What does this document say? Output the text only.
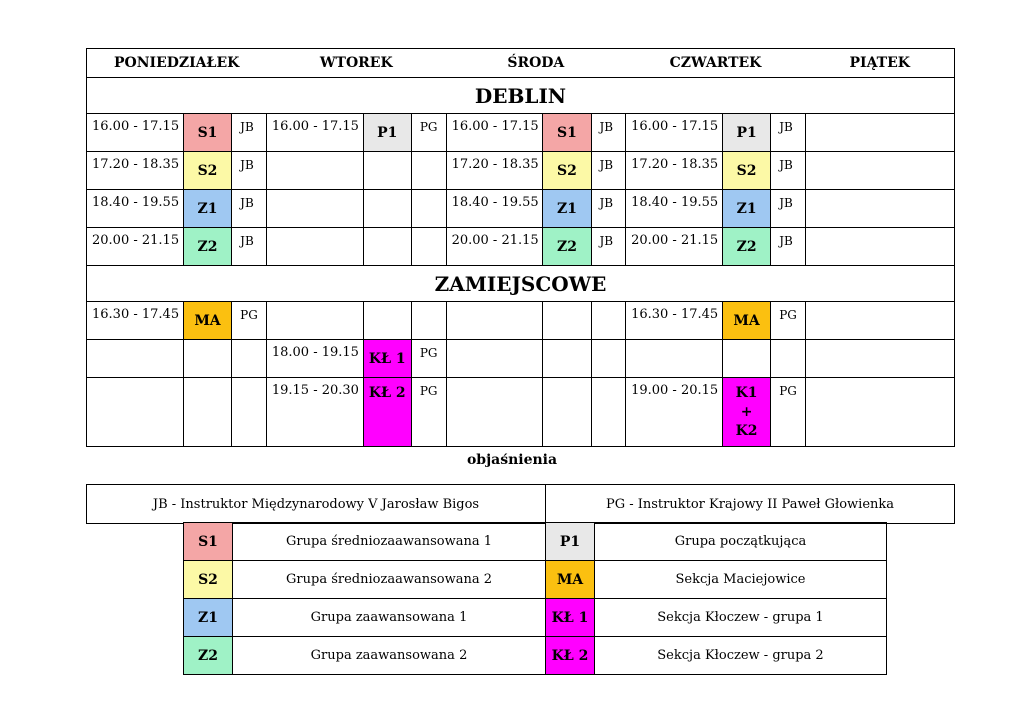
PONIEDZIAŁEK			WTOREK			ŚRODA			CZWARTEK			PIĄTEK
DEBLIN												
16.00 - 17.15	S1	JB	16.00 - 17.15	P1	PG	16.00 - 17.15	S1	JB	16.00 - 17.15	P1	JB	
17.20 - 18.35	S2	JB				17.20 - 18.35	S2	JB	17.20 - 18.35	S2	JB	
18.40 - 19.55	Z1	JB				18.40 - 19.55	Z1	JB	18.40 - 19.55	Z1	JB	
20.00 - 21.15	Z2	JB				20.00 - 21.15	Z2	JB	20.00 - 21.15	Z2	JB	
ZAMIEJSCOWE												
16.30 - 17.45	MA	PG							16.30 - 17.45	MA	PG	
			18.00 - 19.15	KŁ 1	PG							
			19.15 - 20.30	KŁ 2	PG				19.00 - 20.15	K1
+
K2	PG	
objaśnienia
JB - Instruktor Międzynarodowy V Jarosław Bigos	PG - Instruktor Krajowy II Paweł Głowienka
S1	Grupa średniozaawansowana 1	P1	Grupa początkująca
S2	Grupa średniozaawansowana 2	MA	Sekcja Maciejowice
Z1	Grupa zaawansowana 1	KŁ 1	Sekcja Kłoczew - grupa 1
Z2	Grupa zaawansowana 2	KŁ 2	Sekcja Kłoczew - grupa 2
